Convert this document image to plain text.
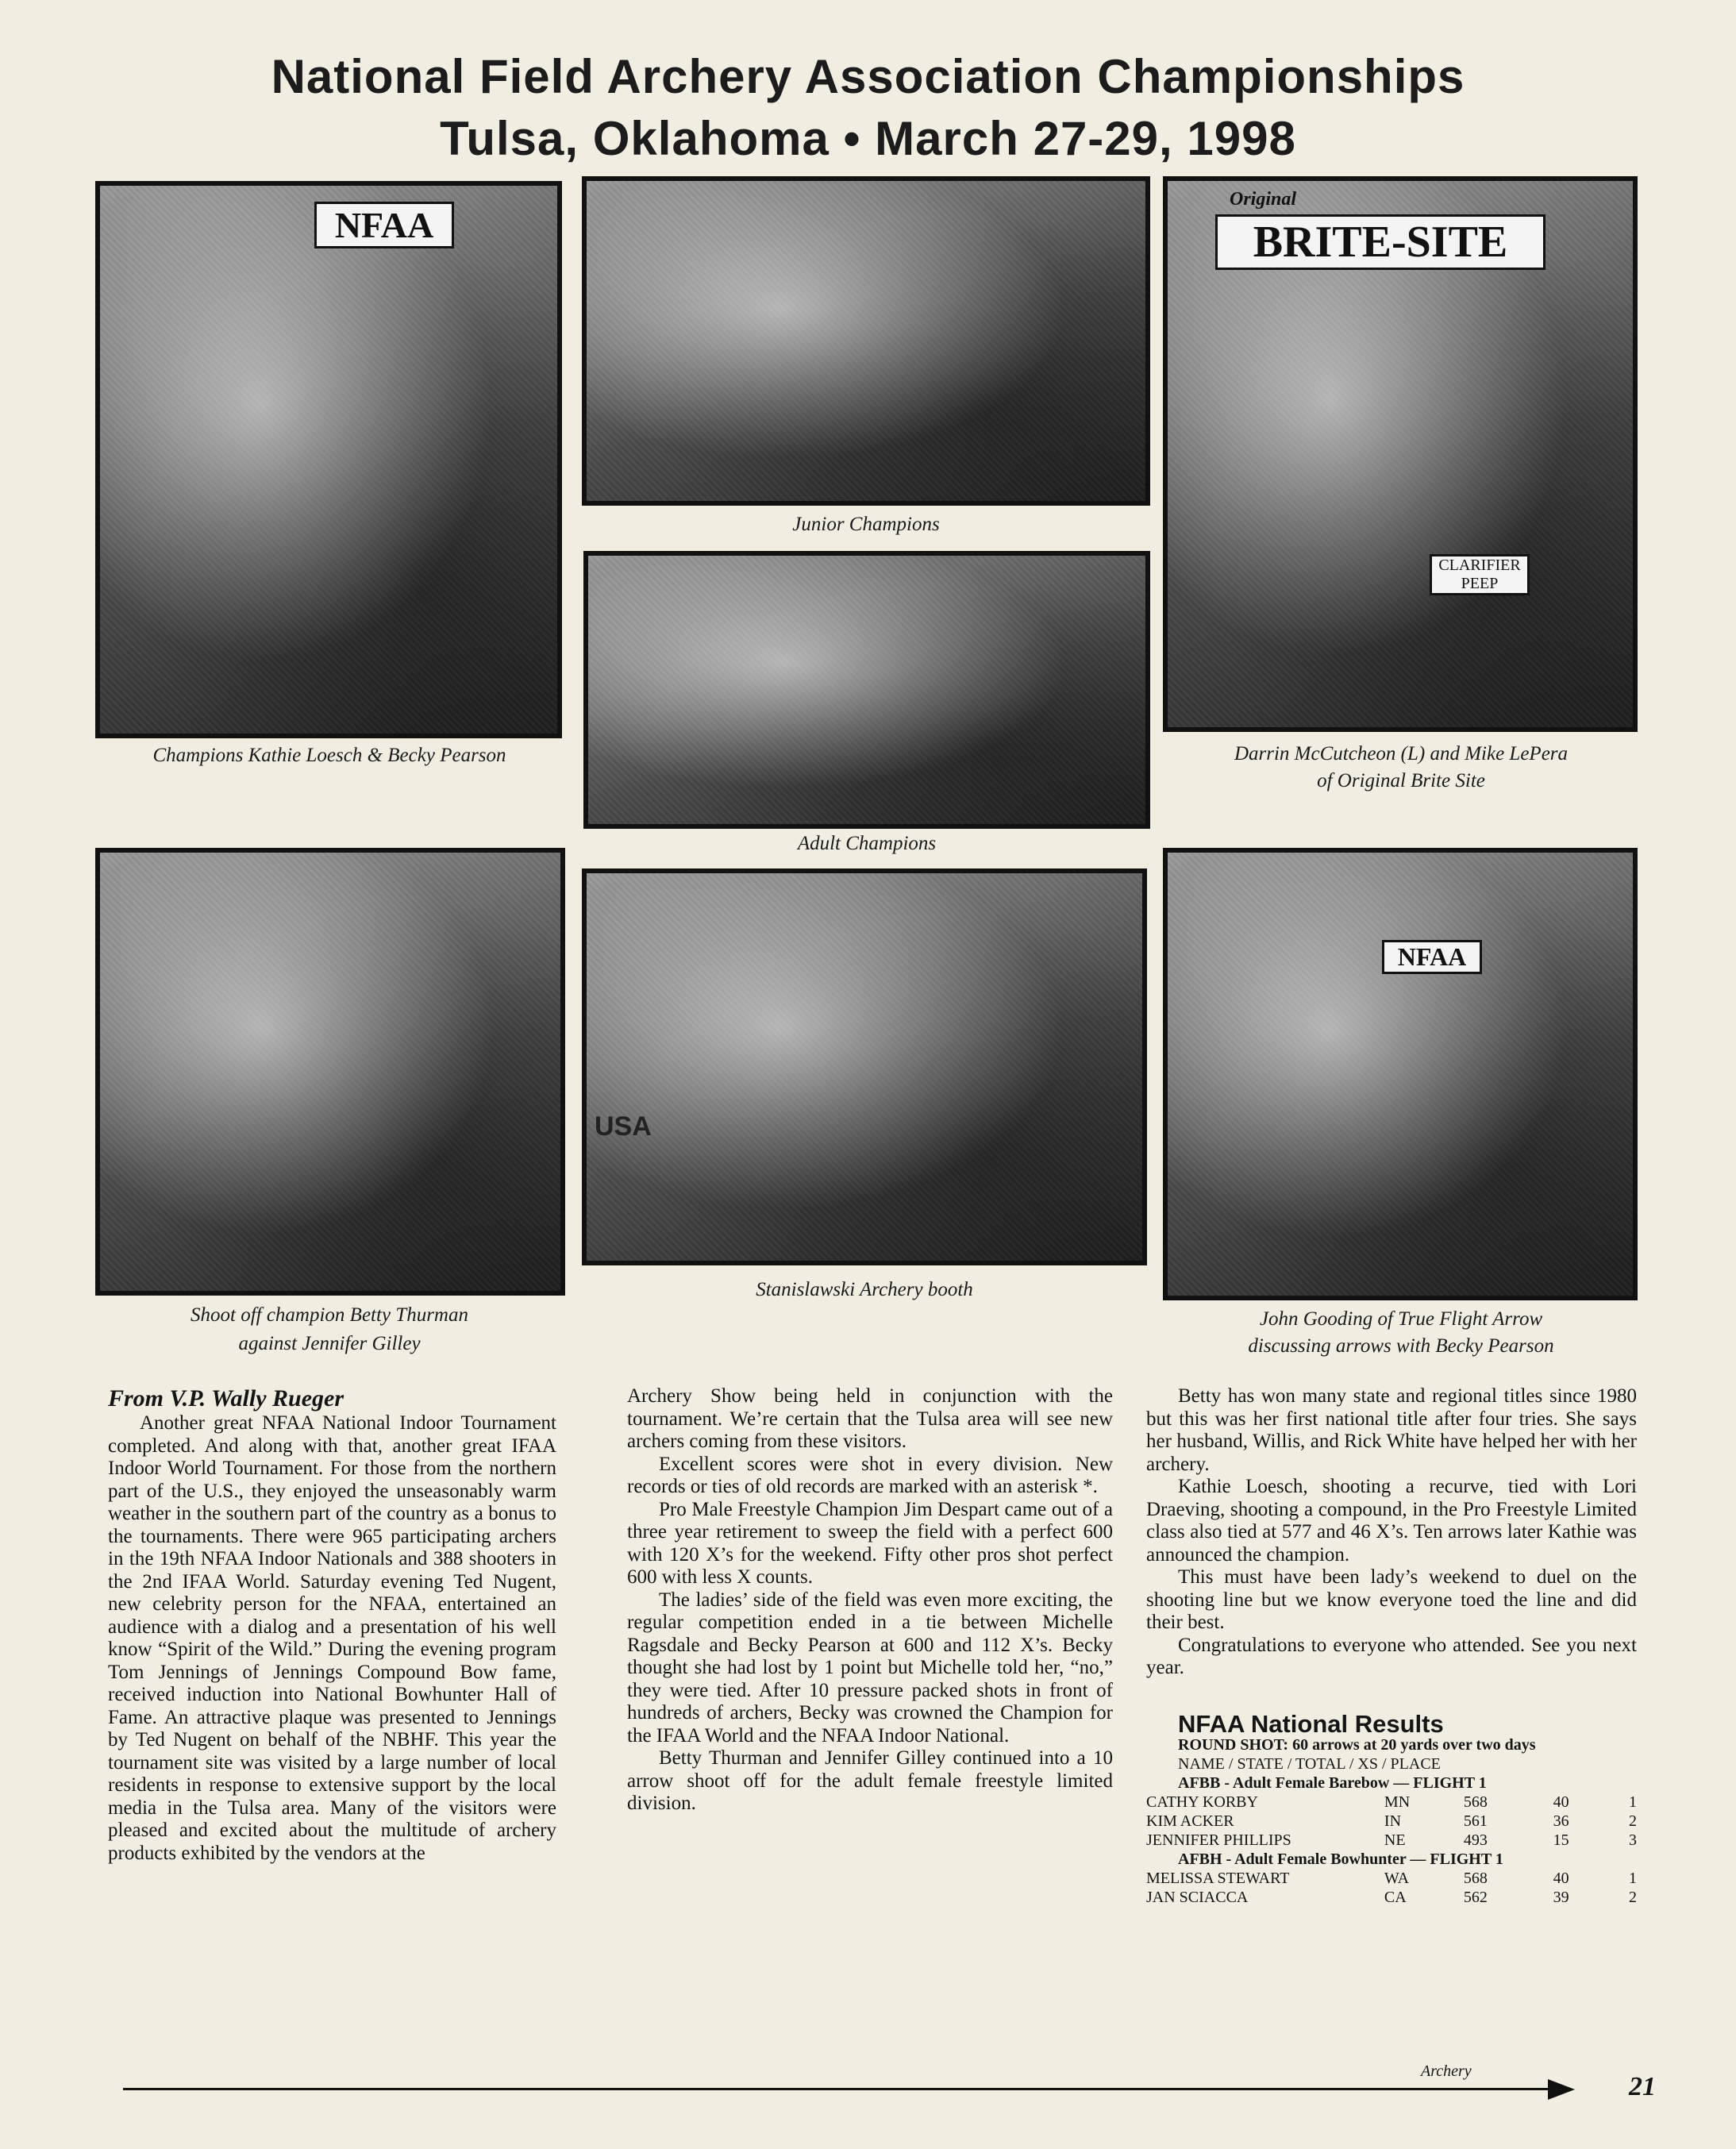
National Field Archery Association Championships
Tulsa, Oklahoma • March 27-29, 1998
NFAA
Champions Kathie Loesch & Becky Pearson
Junior Champions
Adult Champions
Original
BRITE-SITE
CLARIFIER PEEP
Darrin McCutcheon (L) and Mike LePera
of Original Brite Site
Shoot off champion Betty Thurman
against Jennifer Gilley
USA
Stanislawski Archery booth
NFAA
John Gooding of True Flight Arrow
discussing arrows with Becky Pearson

From V.P. Wally Rueger

Another great NFAA National Indoor Tournament completed. And along with that, another great IFAA Indoor World Tournament. For those from the northern part of the U.S., they enjoyed the unseasonably warm weather in the southern part of the country as a bonus to the tournaments. There were 965 participating archers in the 19th NFAA Indoor Nationals and 388 shooters in the 2nd IFAA World. Saturday evening Ted Nugent, new celebrity person for the NFAA, entertained an audience with a dialog and a presentation of his well know “Spirit of the Wild.” During the evening program Tom Jennings of Jennings Compound Bow fame, received induction into National Bowhunter Hall of Fame. An attractive plaque was presented to Jennings by Ted Nugent on behalf of the NBHF. This year the tournament site was visited by a large number of local residents in response to extensive support by the local media in the Tulsa area. Many of the visitors were pleased and excited about the multitude of archery products exhibited by the vendors at the

Archery Show being held in conjunction with the tournament. We’re certain that the Tulsa area will see new archers coming from these visitors.

Excellent scores were shot in every division. New records or ties of old records are marked with an asterisk *.

Pro Male Freestyle Champion Jim Despart came out of a three year retirement to sweep the field with a perfect 600 with 120 X’s for the weekend. Fifty other pros shot perfect 600 with less X counts.

The ladies’ side of the field was even more exciting, the regular competition ended in a tie between Michelle Ragsdale and Becky Pearson at 600 and 112 X’s. Becky thought she had lost by 1 point but Michelle told her, “no,” they were tied. After 10 pressure packed shots in front of hundreds of archers, Becky was crowned the Champion for the IFAA World and the NFAA Indoor National.

Betty Thurman and Jennifer Gilley continued into a 10 arrow shoot off for the adult female freestyle limited division.

Betty has won many state and regional titles since 1980 but this was her first national title after four tries. She says her husband, Willis, and Rick White have helped her with her archery.

Kathie Loesch, shooting a recurve, tied with Lori Draeving, shooting a compound, in the Pro Freestyle Limited class also tied at 577 and 46 X’s. Ten arrows later Kathie was announced the champion.

This must have been lady’s weekend to duel on the shooting line but we know everyone toed the line and did their best.

Congratulations to everyone who attended. See you next year.

NFAA National Results

ROUND SHOT: 60 arrows at 20 yards over two days

NAME / STATE / TOTAL / XS / PLACE

AFBB - Adult Female Barebow — FLIGHT 1

CATHY KORBY	MN	568	40	1
KIM ACKER	IN	561	36	2
JENNIFER PHILLIPS	NE	493	15	3

AFBH - Adult Female Bowhunter — FLIGHT 1

MELISSA STEWART	WA	568	40	1
JAN SCIACCA	CA	562	39	2
Archery
21
